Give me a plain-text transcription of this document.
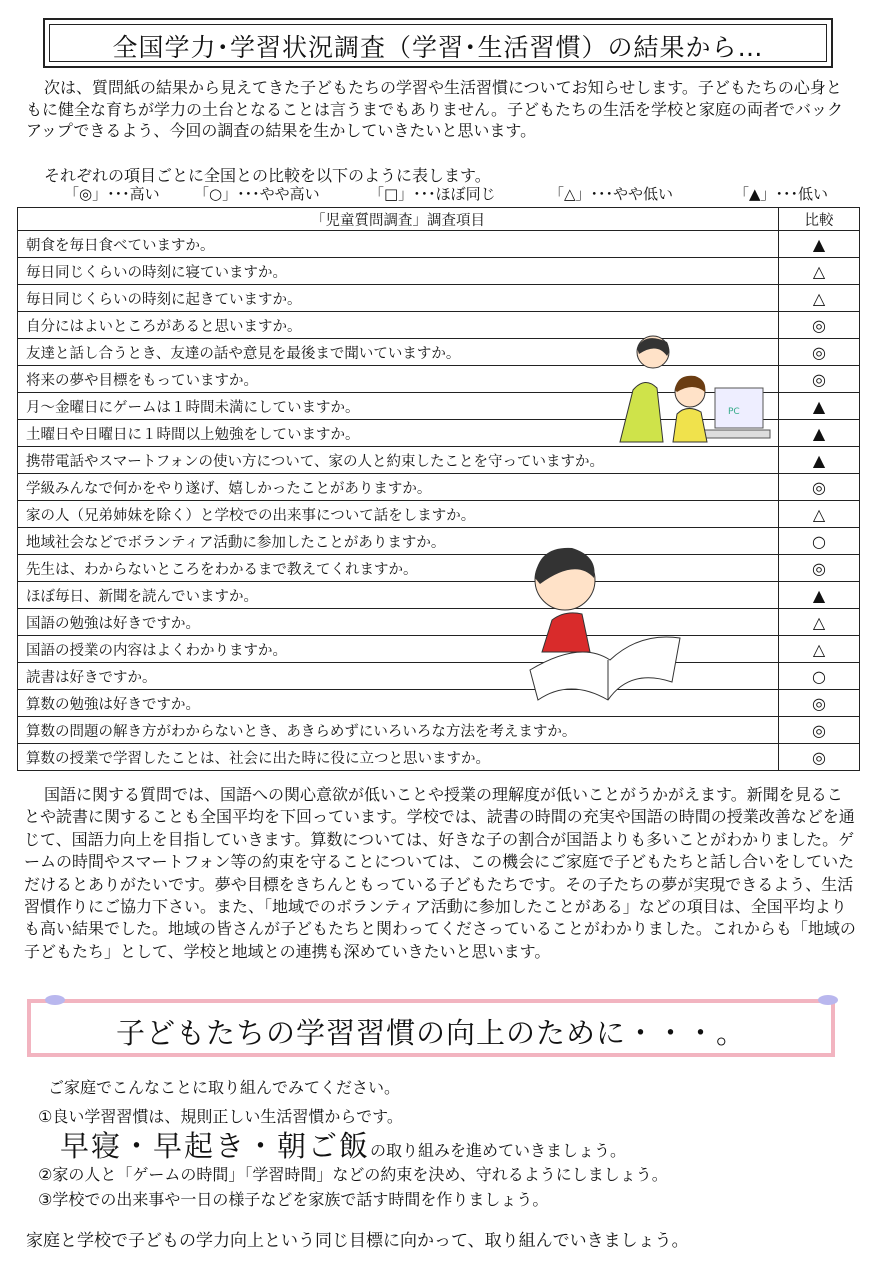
全国学力･学習状況調査（学習･生活習慣）の結果から…
次は、質問紙の結果から見えてきた子どもたちの学習や生活習慣についてお知らせします。子どもたちの心身ともに健全な育ちが学力の土台となることは言うまでもありません。子どもたちの生活を学校と家庭の両者でバックアップできるよう、今回の調査の結果を生かしていきたいと思います。
それぞれの項目ごとに全国との比較を以下のように表します。
「◎」･･･高い 「○」･･･やや高い	「□」･･･ほぼ同じ	「△」･･･やや低い	「▲」･･･低い
「児童質問調査」調査項目	比較
朝食を毎日食べていますか。	▲
毎日同じくらいの時刻に寝ていますか。	△
毎日同じくらいの時刻に起きていますか。	△
自分にはよいところがあると思いますか。	◎
友達と話し合うとき、友達の話や意見を最後まで聞いていますか。	◎
将来の夢や目標をもっていますか。	◎
月～金曜日にゲームは１時間未満にしていますか。	▲
土曜日や日曜日に１時間以上勉強をしていますか。	▲
携帯電話やスマートフォンの使い方について、家の人と約束したことを守っていますか。	▲
学級みんなで何かをやり遂げ、嬉しかったことがありますか。	◎
家の人（兄弟姉妹を除く）と学校での出来事について話をしますか。	△
地域社会などでボランティア活動に参加したことがありますか。	○
先生は、わからないところをわかるまで教えてくれますか。	◎
ほぼ毎日、新聞を読んでいますか。	▲
国語の勉強は好きですか。	△
国語の授業の内容はよくわかりますか。	△
読書は好きですか。	○
算数の勉強は好きですか。	◎
算数の問題の解き方がわからないとき、あきらめずにいろいろな方法を考えますか。	◎
算数の授業で学習したことは、社会に出た時に役に立つと思いますか。	◎
PC
国語に関する質問では、国語への関心意欲が低いことや授業の理解度が低いことがうかがえます。新聞を見ることや読書に関することも全国平均を下回っています。学校では、読書の時間の充実や国語の時間の授業改善などを通じて、国語力向上を目指していきます。算数については、好きな子の割合が国語よりも多いことがわかりました。ゲームの時間やスマートフォン等の約束を守ることについては、この機会にご家庭で子どもたちと話し合いをしていただけるとありがたいです。夢や目標をきちんともっている子どもたちです。その子たちの夢が実現できるよう、生活習慣作りにご協力下さい。また、「地域でのボランティア活動に参加したことがある」などの項目は、全国平均よりも高い結果でした。地域の皆さんが子どもたちと関わってくださっていることがわかりました。これからも「地域の子どもたち」として、学校と地域との連携も深めていきたいと思います。
子どもたちの学習習慣の向上のために・・・。
ご家庭でこんなことに取り組んでみてください。
①良い学習習慣は、規則正しい生活習慣からです。
早寝・早起き・朝ご飯の取り組みを進めていきましょう。
②家の人と「ゲームの時間」「学習時間」などの約束を決め、守れるようにしましょう。
③学校での出来事や一日の様子などを家族で話す時間を作りましょう。
家庭と学校で子どもの学力向上という同じ目標に向かって、取り組んでいきましょう。
